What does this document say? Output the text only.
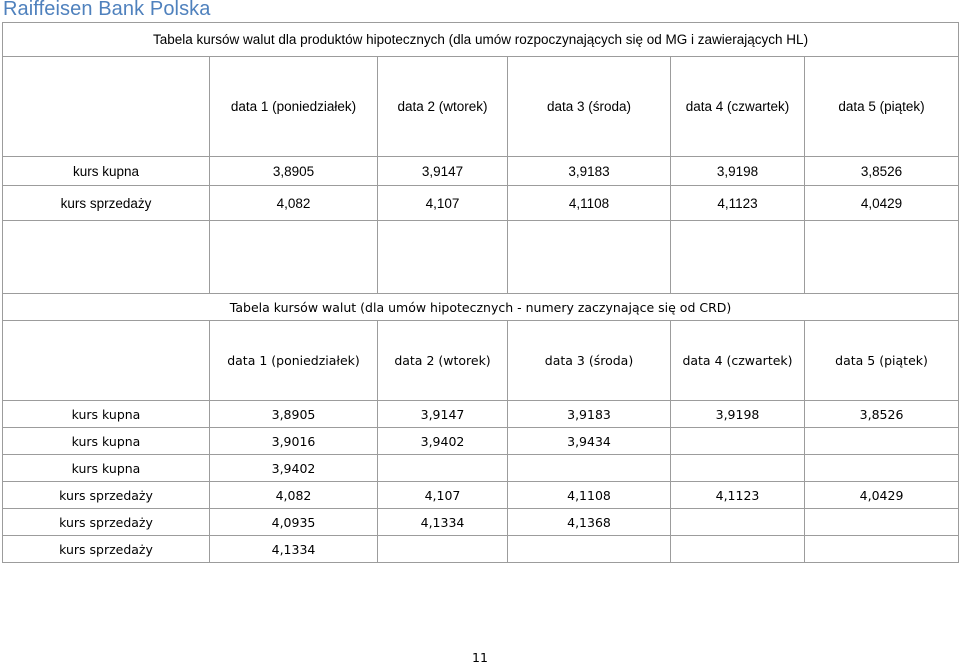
Raiffeisen Bank Polska
Tabela kursów walut dla produktów hipotecznych (dla umów rozpoczynających się od MG i zawierających HL)					
	data 1 (poniedziałek)	data 2 (wtorek)	data 3 (środa)	data 4 (czwartek)	data 5 (piątek)
kurs kupna	3,8905	3,9147	3,9183	3,9198	3,8526
kurs sprzedaży	4,082	4,107	4,1108	4,1123	4,0429

Tabela kursów walut (dla umów hipotecznych - numery zaczynające się od CRD)					
	data 1 (poniedziałek)	data 2 (wtorek)	data 3 (środa)	data 4 (czwartek)	data 5 (piątek)
kurs kupna	3,8905	3,9147	3,9183	3,9198	3,8526
kurs kupna	3,9016	3,9402	3,9434		
kurs kupna	3,9402				
kurs sprzedaży	4,082	4,107	4,1108	4,1123	4,0429
kurs sprzedaży	4,0935	4,1334	4,1368		
kurs sprzedaży	4,1334				
11
